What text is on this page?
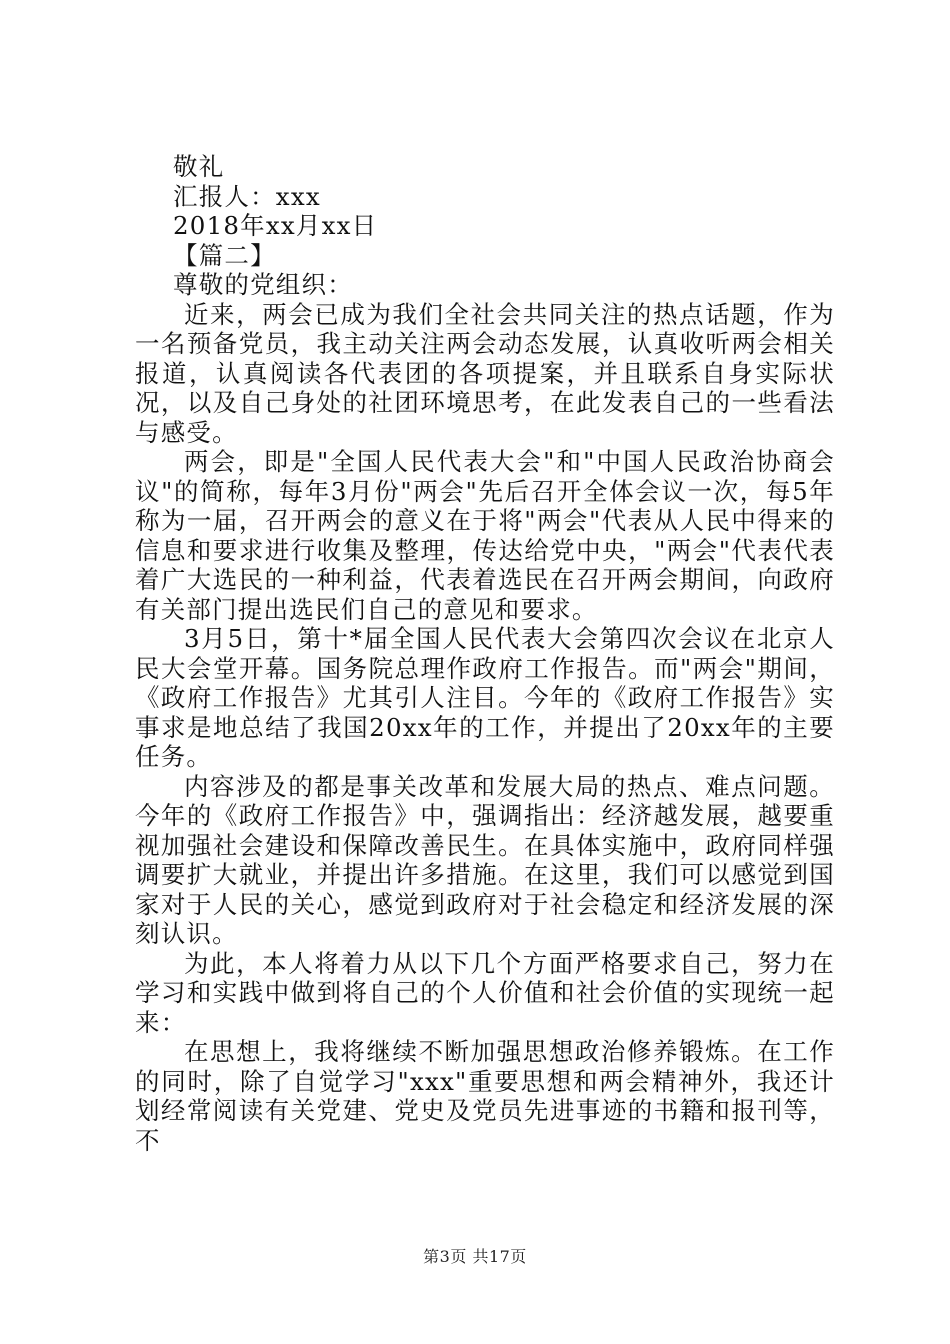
敬礼

汇报人：xxx

2018年xx月xx日

【篇二】

尊敬的党组织：

近来，两会已成为我们全社会共同关注的热点话题，作为一名预备党员，我主动关注两会动态发展，认真收听两会相关报道，认真阅读各代表团的各项提案，并且联系自身实际状况，以及自己身处的社团环境思考，在此发表自己的一些看法与感受。

两会，即是"全国人民代表大会"和"中国人民政治协商会议"的简称，每年3月份"两会"先后召开全体会议一次，每5年称为一届，召开两会的意义在于将"两会"代表从人民中得来的信息和要求进行收集及整理，传达给党中央，"两会"代表代表着广大选民的一种利益，代表着选民在召开两会期间，向政府有关部门提出选民们自己的意见和要求。

3月5日，第十*届全国人民代表大会第四次会议在北京人民大会堂开幕。国务院总理作政府工作报告。而"两会"期间，《政府工作报告》尤其引人注目。今年的《政府工作报告》实事求是地总结了我国20xx年的工作，并提出了20xx年的主要任务。

内容涉及的都是事关改革和发展大局的热点、难点问题。今年的《政府工作报告》中，强调指出：经济越发展，越要重视加强社会建设和保障改善民生。在具体实施中，政府同样强调要扩大就业，并提出许多措施。在这里，我们可以感觉到国家对于人民的关心，感觉到政府对于社会稳定和经济发展的深刻认识。

为此，本人将着力从以下几个方面严格要求自己，努力在学习和实践中做到将自己的个人价值和社会价值的实现统一起来：

在思想上，我将继续不断加强思想政治修养锻炼。在工作的同时，除了自觉学习"xxx"重要思想和两会精神外，我还计划经常阅读有关党建、党史及党员先进事迹的书籍和报刊等，不

第3页 共17页
